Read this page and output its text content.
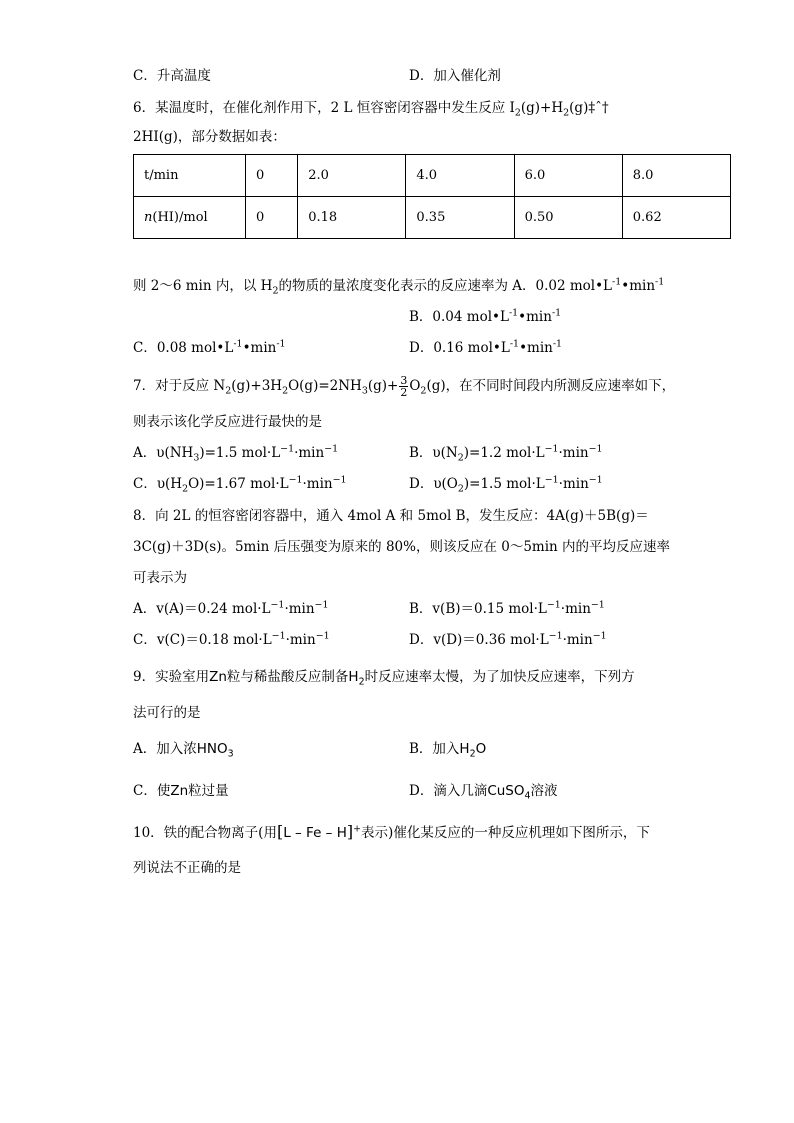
C．升高温度	D．加入催化剂
6．某温度时，在催化剂作用下，2 L 恒容密闭容器中发生反应 $I_2(g)+H_2(g)\ddagger ˆ\dagger$
2HI(g)，部分数据如表：
t/min	0	2.0	4.0	6.0	8.0
n(HI)/mol	0	0.18	0.35	0.50	0.62
则 2～6 min 内，以 $H_2$的物质的量浓度变化表示的反应速率为 A．0.02 $mol•L^{-1}•\min^{-1}$
B．0.04 $mol•L^{-1}•\min^{-1}$
C．0.08 $mol•L^{-1}•\min^{-1}$	D．0.16 $mol•L^{-1}•\min^{-1}$
7．对于反应 $N_2(g)+3H_2O(g)=2NH_3(g)+ \frac{3}{2} O_2(g)$，在不同时间段内所测反应速率如下，
则表示该化学反应进行最快的是
A．$\upsilon(NH_3)=1.5$ $mol\cdot L^{-1}\cdot\min^{-1}$	B．$\upsilon(N_2)=1.2$ $mol\cdot L^{-1}\cdot\min^{-1}$
C．$\upsilon(H_2O)=1.67$ $mol\cdot L^{-1}\cdot\min^{-1}$	D．$\upsilon(O_2)=1.5$ $mol\cdot L^{-1}\cdot\min^{-1}$
8．向 2L 的恒容密闭容器中，通入 4mol A 和 5mol B，发生反应：4A(g)＋5B(g)＝
3C(g)＋3D(s)。5min 后压强变为原来的 80%，则该反应在 0～5min 内的平均反应速率
可表示为
A．v(A)＝0.24 $mol\cdot L^{-1}\cdot\min^{-1}$	B．v(B)＝0.15 $mol\cdot L^{-1}\cdot\min^{-1}$
C．v(C)＝0.18 $mol\cdot L^{-1}\cdot\min^{-1}$	D．v(D)＝0.36 $mol\cdot L^{-1}\cdot\min^{-1}$
9．实验室用Zn粒与稀盐酸反应制备$H_2$时反应速率太慢，为了加快反应速率，下列方
法可行的是
A．加入浓$HNO_3$	B．加入$H_2O$
C．使Zn粒过量	D．滴入几滴CuSO$_4$溶液
10．铁的配合物离子(用[L – Fe – H]+表示)催化某反应的一种反应机理如下图所示，下
列说法不正确的是
